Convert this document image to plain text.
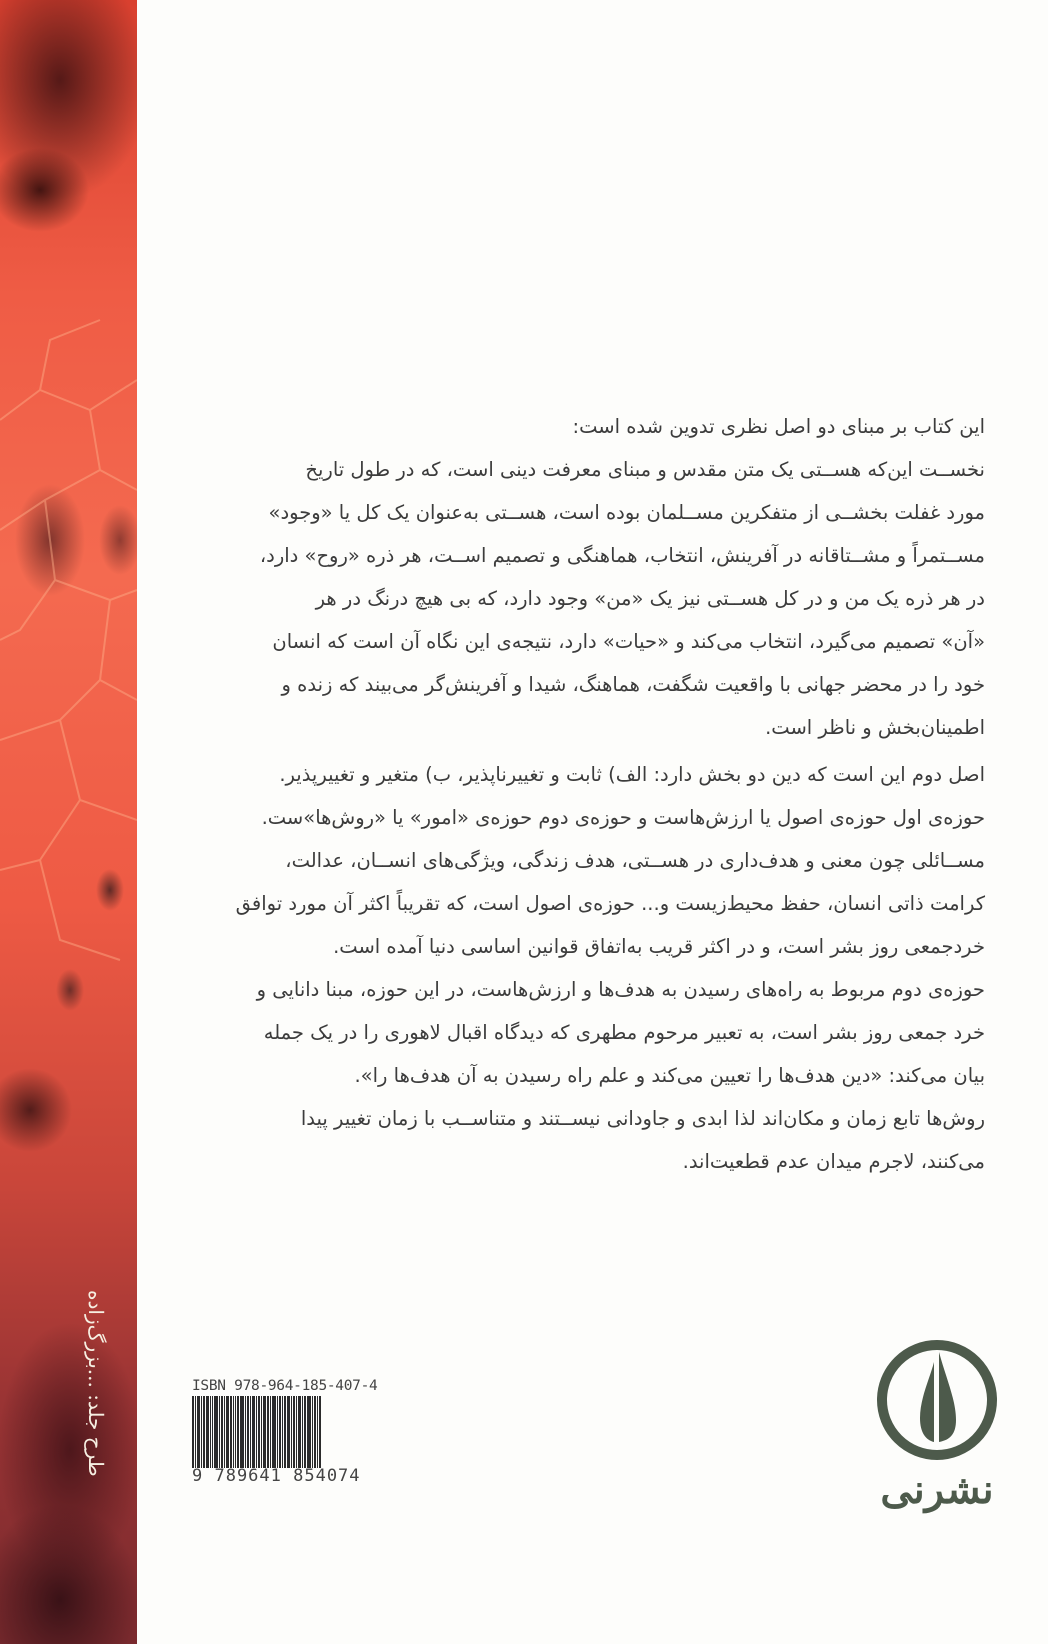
طرح جلد: ...بزرگ‌زاده

این کتاب بر مبنای دو اصل نظری تدوین شده است:

نخســت این‌که هســتی یک متن مقدس و مبنای معرفت دینی است، که در طول تاریخ

مورد غفلت بخشــی از متفکرین مســلمان بوده است، هســتی به‌عنوان یک کل یا «وجود»

مســتمراً و مشــتاقانه در آفرینش، انتخاب، هماهنگی و تصمیم اســت، هر ذره «روح» دارد،

در هر ذره یک من و در کل هســتی نیز یک «من» وجود دارد، که بی هیچ درنگ در هر

«آن» تصمیم می‌گیرد، انتخاب می‌کند و «حیات» دارد، نتیجه‌ی این نگاه آن است که انسان

خود را در محضر جهانی با واقعیت شگفت، هماهنگ، شیدا و آفرینش‌گر می‌بیند که زنده و

اطمینان‌بخش و ناظر است.

اصل دوم این است که دین دو بخش دارد: الف) ثابت و تغییرناپذیر، ب) متغیر و تغییرپذیر.

حوزه‌ی اول حوزه‌ی اصول یا ارزش‌هاست و حوزه‌ی دوم حوزه‌ی «امور» یا «روش‌ها»ست.

مســائلی چون معنی و هدف‌داری در هســتی، هدف زندگی، ویژگی‌های انســان، عدالت،

کرامت ذاتی انسان، حفظ محیط‌زیست و... حوزه‌ی اصول است، که تقریباً اکثر آن مورد توافق

خردجمعی روز بشر است، و در اکثر قریب به‌اتفاق قوانین اساسی دنیا آمده است.

حوزه‌ی دوم مربوط به راه‌های رسیدن به هدف‌ها و ارزش‌هاست، در این حوزه، مبنا دانایی و

خرد جمعی روز بشر است، به تعبیر مرحوم مطهری که دیدگاه اقبال لاهوری را در یک جمله

بیان می‌کند: «دین هدف‌ها را تعیین می‌کند و علم راه رسیدن به آن هدف‌ها را».

روش‌ها تابع زمان و مکان‌اند لذا ابدی و جاودانی نیســتند و متناســب با زمان تغییر پیدا

می‌کنند، لاجرم میدان عدم قطعیت‌اند.

ISBN 978-964-185-407-4
9 789641 854074	نشرنی
